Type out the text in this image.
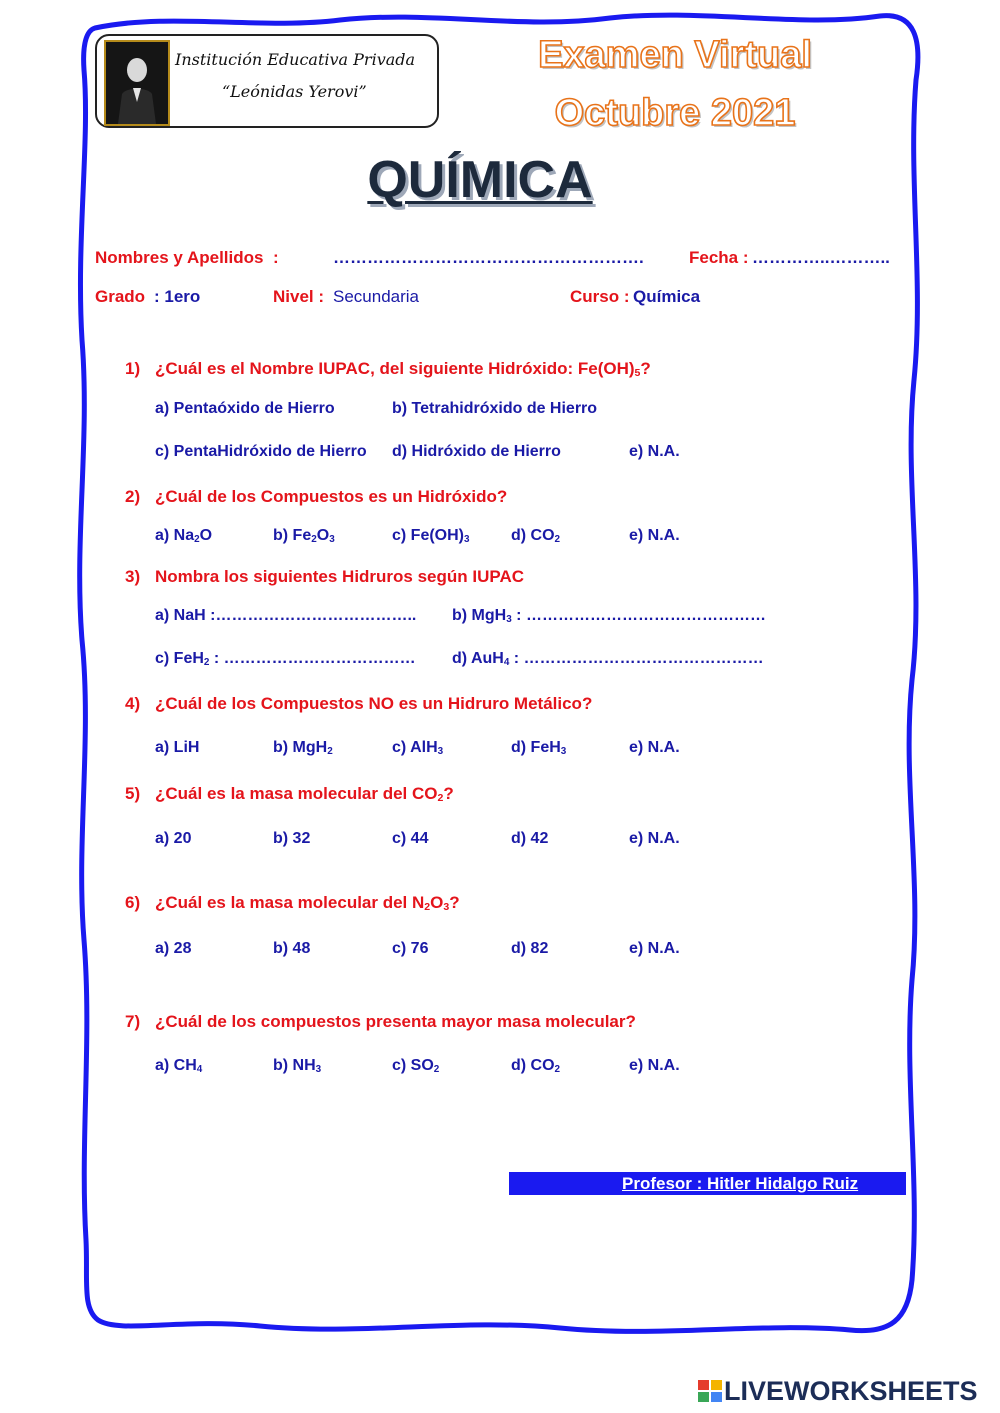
Institución Educativa Privada
“Leónidas Yerovi”
Examen Virtual
Octubre 2021
QUÍMICA
Nombres y Apellidos :	……………………………………………….	Fecha : …………..………..
Grado : 1ero	Nivel : Secundaria	Curso : Química
1) ¿Cuál es el Nombre IUPAC, del siguiente Hidróxido: $Fe(OH)_5$?
a) Pentaóxido de Hierro	b) Tetrahidróxido de Hierro
c) PentaHidróxido de Hierro d) Hidróxido de Hierro	e) N.A.
2) ¿Cuál de los Compuestos es un Hidróxido?
a) $Na_2O$	b) $Fe_2O_3$	c) $Fe(OH)_3$	d) $CO_2$	e) N.A.
3) Nombra los siguientes Hidruros según IUPAC
a) NaH :……………………………….. b) MgH$_3$ : ………………………………………
c) FeH$_2$ : ……………………………… d) AuH$_4$ : ………………………………………
4) ¿Cuál de los Compuestos NO es un Hidruro Metálico?
a) LiH	b) MgH$_2$	c) AlH$_3$	d) FeH$_3$	e) N.A.
5) ¿Cuál es la masa molecular del $CO_2$?
a) 20	b) 32	c) 44	d) 42	e) N.A.
6) ¿Cuál es la masa molecular del $N_2O_3$?
a) 28	b) 48	c) 76	d) 82	e) N.A.
7) ¿Cuál de los compuestos presenta mayor masa molecular?
a) $CH_4$	b) $NH_3$	c) $SO_2$	d) $CO_2$	e) N.A.
Profesor : Hitler Hidalgo Ruiz
LIVEWORKSHEETS
